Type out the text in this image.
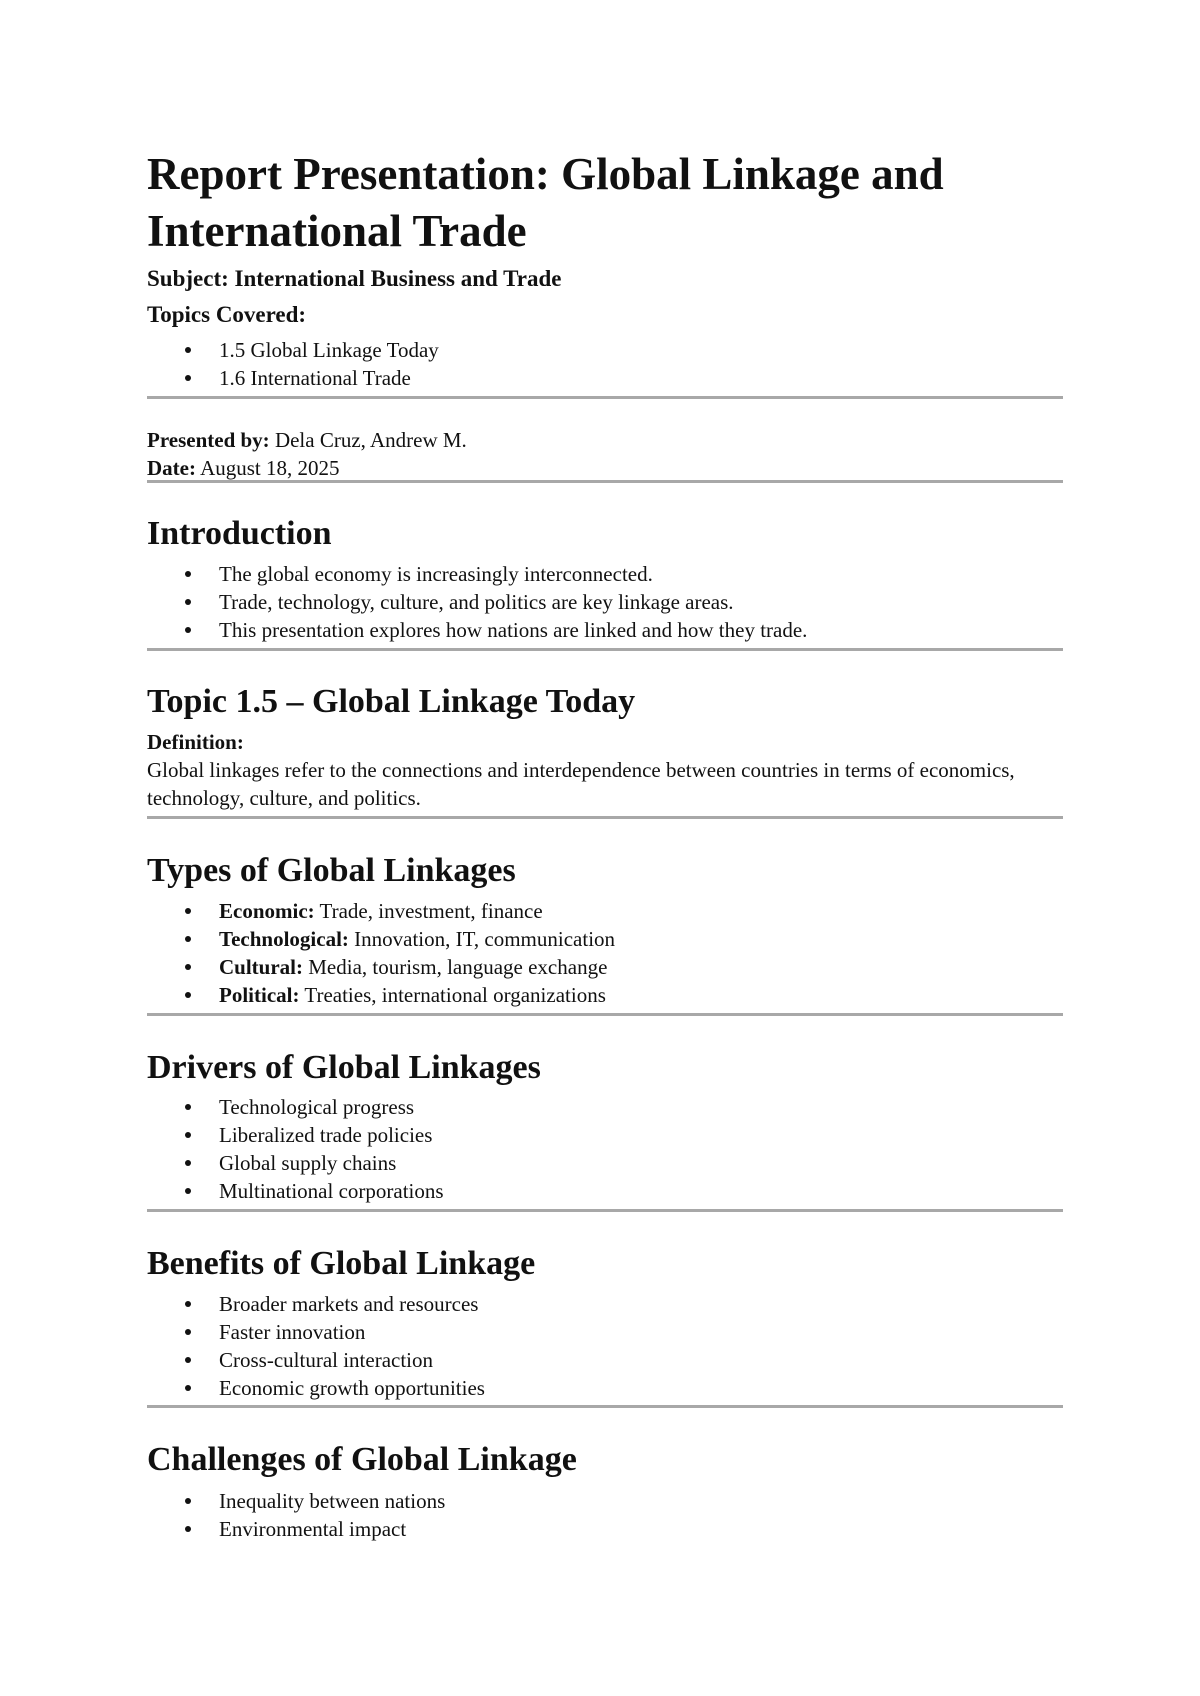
Report Presentation: Global Linkage and International Trade

Subject: International Business and Trade

Topics Covered:

1.5 Global Linkage Today
1.6 International Trade

Presented by: Dela Cruz, Andrew M.

Date: August 18, 2025

Introduction
The global economy is increasingly interconnected.
Trade, technology, culture, and politics are key linkage areas.
This presentation explores how nations are linked and how they trade.
Topic 1.5 – Global Linkage Today

Definition:

Global linkages refer to the connections and interdependence between countries in terms of economics, technology, culture, and politics.

Types of Global Linkages
Economic: Trade, investment, finance
Technological: Innovation, IT, communication
Cultural: Media, tourism, language exchange
Political: Treaties, international organizations
Drivers of Global Linkages
Technological progress
Liberalized trade policies
Global supply chains
Multinational corporations
Benefits of Global Linkage
Broader markets and resources
Faster innovation
Cross-cultural interaction
Economic growth opportunities
Challenges of Global Linkage
Inequality between nations
Environmental impact
